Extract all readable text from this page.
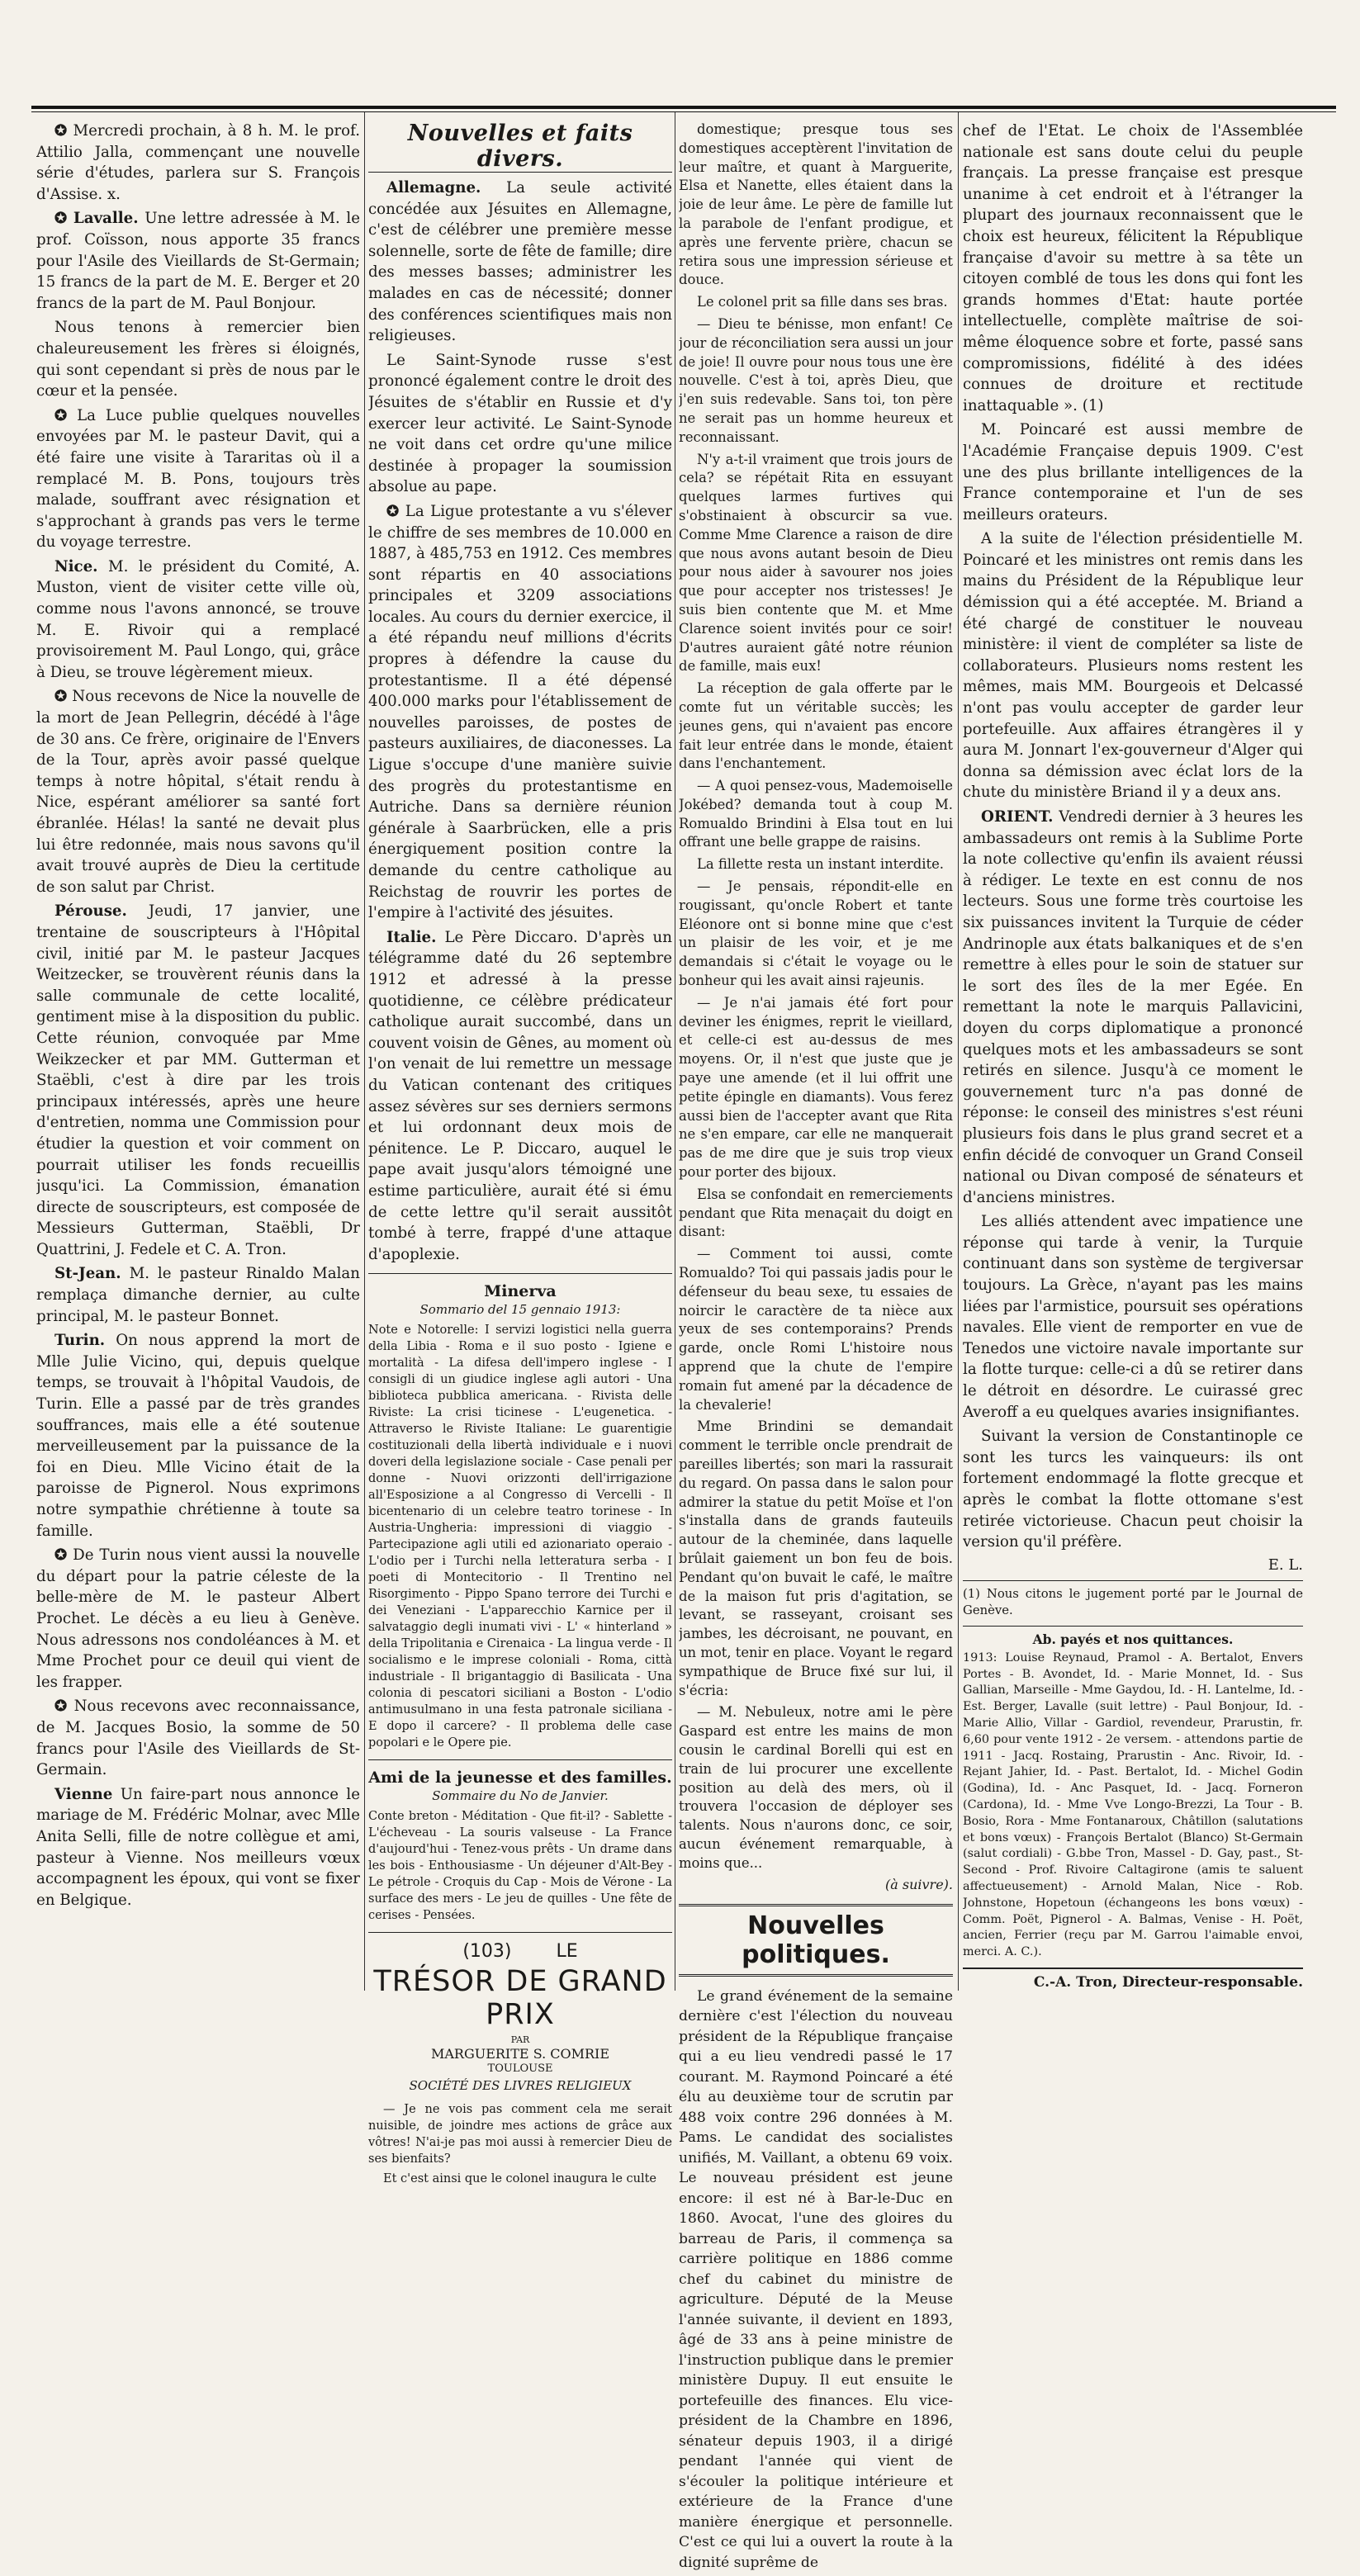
✪ Mercredi prochain, à 8 h. M. le prof. Attilio Jalla, commençant une nouvelle série d'études, parlera sur S. François d'Assise. x.

✪ Lavalle. Une lettre adressée à M. le prof. Coïsson, nous apporte 35 francs pour l'Asile des Vieillards de St-Germain; 15 francs de la part de M. E. Berger et 20 francs de la part de M. Paul Bonjour.

Nous tenons à remercier bien chaleureusement les frères si éloignés, qui sont cependant si près de nous par le cœur et la pensée.

✪ La Luce publie quelques nouvelles envoyées par M. le pasteur Davit, qui a été faire une visite à Tararitas où il a remplacé M. B. Pons, toujours très malade, souffrant avec résignation et s'approchant à grands pas vers le terme du voyage terrestre.

Nice. M. le président du Comité, A. Muston, vient de visiter cette ville où, comme nous l'avons annoncé, se trouve M. E. Rivoir qui a remplacé provisoirement M. Paul Longo, qui, grâce à Dieu, se trouve légèrement mieux.

✪ Nous recevons de Nice la nouvelle de la mort de Jean Pellegrin, décédé à l'âge de 30 ans. Ce frère, originaire de l'Envers de la Tour, après avoir passé quelque temps à notre hôpital, s'était rendu à Nice, espérant améliorer sa santé fort ébranlée. Hélas! la santé ne devait plus lui être redonnée, mais nous savons qu'il avait trouvé auprès de Dieu la certitude de son salut par Christ.

Pérouse. Jeudi, 17 janvier, une trentaine de souscripteurs à l'Hôpital civil, initié par M. le pasteur Jacques Weitzecker, se trouvèrent réunis dans la salle communale de cette localité, gentiment mise à la disposition du public. Cette réunion, convoquée par Mme Weikzecker et par MM. Gutterman et Staëbli, c'est à dire par les trois principaux intéressés, après une heure d'entretien, nomma une Commission pour étudier la question et voir comment on pourrait utiliser les fonds recueillis jusqu'ici. La Commission, émanation directe de souscripteurs, est composée de Messieurs Gutterman, Staëbli, Dr Quattrini, J. Fedele et C. A. Tron.

St-Jean. M. le pasteur Rinaldo Malan remplaça dimanche dernier, au culte principal, M. le pasteur Bonnet.

Turin. On nous apprend la mort de Mlle Julie Vicino, qui, depuis quelque temps, se trouvait à l'hôpital Vaudois, de Turin. Elle a passé par de très grandes souffrances, mais elle a été soutenue merveilleusement par la puissance de la foi en Dieu. Mlle Vicino était de la paroisse de Pignerol. Nous exprimons notre sympathie chrétienne à toute sa famille.

✪ De Turin nous vient aussi la nouvelle du départ pour la patrie céleste de la belle-mère de M. le pasteur Albert Prochet. Le décès a eu lieu à Genève. Nous adressons nos condoléances à M. et Mme Prochet pour ce deuil qui vient de les frapper.

✪ Nous recevons avec reconnaissance, de M. Jacques Bosio, la somme de 50 francs pour l'Asile des Vieillards de St-Germain.

Vienne Un faire-part nous annonce le mariage de M. Frédéric Molnar, avec Mlle Anita Selli, fille de notre collègue et ami, pasteur à Vienne. Nos meilleurs vœux accompagnent les époux, qui vont se fixer en Belgique.

Nouvelles et faits divers.

Allemagne. La seule activité concédée aux Jésuites en Allemagne, c'est de célébrer une première messe solennelle, sorte de fête de famille; dire des messes basses; administrer les malades en cas de nécessité; donner des conférences scientifiques mais non religieuses.

Le Saint-Synode russe s'est prononcé également contre le droit des Jésuites de s'établir en Russie et d'y exercer leur activité. Le Saint-Synode ne voit dans cet ordre qu'une milice destinée à propager la soumission absolue au pape.

✪ La Ligue protestante a vu s'élever le chiffre de ses membres de 10.000 en 1887, à 485,753 en 1912. Ces membres sont répartis en 40 associations principales et 3209 associations locales. Au cours du dernier exercice, il a été répandu neuf millions d'écrits propres à défendre la cause du protestantisme. Il a été dépensé 400.000 marks pour l'établissement de nouvelles paroisses, de postes de pasteurs auxiliaires, de diaconesses. La Ligue s'occupe d'une manière suivie des progrès du protestantisme en Autriche. Dans sa dernière réunion générale à Saarbrücken, elle a pris énergiquement position contre la demande du centre catholique au Reichstag de rouvrir les portes de l'empire à l'activité des jésuites.

Italie. Le Père Diccaro. D'après un télégramme daté du 26 septembre 1912 et adressé à la presse quotidienne, ce célèbre prédicateur catholique aurait succombé, dans un couvent voisin de Gênes, au moment où l'on venait de lui remettre un message du Vatican contenant des critiques assez sévères sur ses derniers sermons et lui ordonnant deux mois de pénitence. Le P. Diccaro, auquel le pape avait jusqu'alors témoigné une estime particulière, aurait été si ému de cette lettre qu'il serait aussitôt tombé à terre, frappé d'une attaque d'apoplexie.

Minerva
Sommario del 15 gennaio 1913:

Note e Notorelle: I servizi logistici nella guerra della Libia - Roma e il suo posto - Igiene e mortalità - La difesa dell'impero inglese - I consigli di un giudice inglese agli autori - Una biblioteca pubblica americana. - Rivista delle Riviste: La crisi ticinese - L'eugenetica. - Attraverso le Riviste Italiane: Le guarentigie costituzionali della libertà individuale e i nuovi doveri della legislazione sociale - Case penali per donne - Nuovi orizzonti dell'irrigazione all'Esposizione a al Congresso di Vercelli - Il bicentenario di un celebre teatro torinese - In Austria-Ungheria: impressioni di viaggio - Partecipazione agli utili ed azionariato operaio - L'odio per i Turchi nella letteratura serba - I poeti di Montecitorio - Il Trentino nel Risorgimento - Pippo Spano terrore dei Turchi e dei Veneziani - L'apparecchio Karnice per il salvataggio degli inumati vivi - L' « hinterland » della Tripolitania e Cirenaica - La lingua verde - Il socialismo e le imprese coloniali - Roma, città industriale - Il brigantaggio di Basilicata - Una colonia di pescatori siciliani a Boston - L'odio antimusulmano in una festa patronale siciliana - E dopo il carcere? - Il problema delle case popolari e le Opere pie.

Ami de la jeunesse et des familles.
Sommaire du No de Janvier.

Conte breton - Méditation - Que fit-il? - Sablette - L'écheveau - La souris valseuse - La France d'aujourd'hui - Tenez-vous prêts - Un drame dans les bois - Enthousiasme - Un déjeuner d'Alt-Bey - Le pétrole - Croquis du Cap - Mois de Vérone - La surface des mers - Le jeu de quilles - Une fête de cerises - Pensées.

(103) LE
TRÉSOR DE GRAND PRIX
PAR
MARGUERITE S. COMRIE
TOULOUSE
SOCIÉTÉ DES LIVRES RELIGIEUX

— Je ne vois pas comment cela me serait nuisible, de joindre mes actions de grâce aux vôtres! N'ai-je pas moi aussi à remercier Dieu de ses bienfaits?

Et c'est ainsi que le colonel inaugura le culte

domestique; presque tous ses domestiques acceptèrent l'invitation de leur maître, et quant à Marguerite, Elsa et Nanette, elles étaient dans la joie de leur âme. Le père de famille lut la parabole de l'enfant prodigue, et après une fervente prière, chacun se retira sous une impression sérieuse et douce.

Le colonel prit sa fille dans ses bras.

— Dieu te bénisse, mon enfant! Ce jour de réconciliation sera aussi un jour de joie! Il ouvre pour nous tous une ère nouvelle. C'est à toi, après Dieu, que j'en suis redevable. Sans toi, ton père ne serait pas un homme heureux et reconnaissant.

N'y a-t-il vraiment que trois jours de cela? se répétait Rita en essuyant quelques larmes furtives qui s'obstinaient à obscurcir sa vue. Comme Mme Clarence a raison de dire que nous avons autant besoin de Dieu pour nous aider à savourer nos joies que pour accepter nos tristesses! Je suis bien contente que M. et Mme Clarence soient invités pour ce soir! D'autres auraient gâté notre réunion de famille, mais eux!

La réception de gala offerte par le comte fut un véritable succès; les jeunes gens, qui n'avaient pas encore fait leur entrée dans le monde, étaient dans l'enchantement.

— A quoi pensez-vous, Mademoiselle Jokébed? demanda tout à coup M. Romualdo Brindini à Elsa tout en lui offrant une belle grappe de raisins.

La fillette resta un instant interdite.

— Je pensais, répondit-elle en rougissant, qu'oncle Robert et tante Eléonore ont si bonne mine que c'est un plaisir de les voir, et je me demandais si c'était le voyage ou le bonheur qui les avait ainsi rajeunis.

— Je n'ai jamais été fort pour deviner les énigmes, reprit le vieillard, et celle-ci est au-dessus de mes moyens. Or, il n'est que juste que je paye une amende (et il lui offrit une petite épingle en diamants). Vous ferez aussi bien de l'accepter avant que Rita ne s'en empare, car elle ne manquerait pas de me dire que je suis trop vieux pour porter des bijoux.

Elsa se confondait en remerciements pendant que Rita menaçait du doigt en disant:

— Comment toi aussi, comte Romualdo? Toi qui passais jadis pour le défenseur du beau sexe, tu essaies de noircir le caractère de ta nièce aux yeux de ses contemporains? Prends garde, oncle Romi L'histoire nous apprend que la chute de l'empire romain fut amené par la décadence de la chevalerie!

Mme Brindini se demandait comment le terrible oncle prendrait de pareilles libertés; son mari la rassurait du regard. On passa dans le salon pour admirer la statue du petit Moïse et l'on s'installa dans de grands fauteuils autour de la cheminée, dans laquelle brûlait gaiement un bon feu de bois. Pendant qu'on buvait le café, le maître de la maison fut pris d'agitation, se levant, se rasseyant, croisant ses jambes, les décroisant, ne pouvant, en un mot, tenir en place. Voyant le regard sympathique de Bruce fixé sur lui, il s'écria:

— M. Nebuleux, notre ami le père Gaspard est entre les mains de mon cousin le cardinal Borelli qui est en train de lui procurer une excellente position au delà des mers, où il trouvera l'occasion de déployer ses talents. Nous n'aurons donc, ce soir, aucun événement remarquable, à moins que...

(à suivre).
Nouvelles politiques.

Le grand événement de la semaine dernière c'est l'élection du nouveau président de la République française qui a eu lieu vendredi passé le 17 courant. M. Raymond Poincaré a été élu au deuxième tour de scrutin par 488 voix contre 296 données à M. Pams. Le candidat des socialistes unifiés, M. Vaillant, a obtenu 69 voix. Le nouveau président est jeune encore: il est né à Bar-le-Duc en 1860. Avocat, l'une des gloires du barreau de Paris, il commença sa carrière politique en 1886 comme chef du cabinet du ministre de agriculture. Député de la Meuse l'année suivante, il devient en 1893, âgé de 33 ans à peine ministre de l'instruction publique dans le premier ministère Dupuy. Il eut ensuite le portefeuille des finances. Elu vice-président de la Chambre en 1896, sénateur depuis 1903, il a dirigé pendant l'année qui vient de s'écouler la politique intérieure et extérieure de la France d'une manière énergique et personnelle. C'est ce qui lui a ouvert la route à la dignité suprême de

chef de l'Etat. Le choix de l'Assemblée nationale est sans doute celui du peuple français. La presse française est presque unanime à cet endroit et à l'étranger la plupart des journaux reconnaissent que le choix est heureux, félicitent la République française d'avoir su mettre à sa tête un citoyen comblé de tous les dons qui font les grands hommes d'Etat: haute portée intellectuelle, complète maîtrise de soi-même éloquence sobre et forte, passé sans compromissions, fidélité à des idées connues de droiture et rectitude inattaquable ». (1)

M. Poincaré est aussi membre de l'Académie Française depuis 1909. C'est une des plus brillante intelligences de la France contemporaine et l'un de ses meilleurs orateurs.

A la suite de l'élection présidentielle M. Poincaré et les ministres ont remis dans les mains du Président de la République leur démission qui a été acceptée. M. Briand a été chargé de constituer le nouveau ministère: il vient de compléter sa liste de collaborateurs. Plusieurs noms restent les mêmes, mais MM. Bourgeois et Delcassé n'ont pas voulu accepter de garder leur portefeuille. Aux affaires étrangères il y aura M. Jonnart l'ex-gouverneur d'Alger qui donna sa démission avec éclat lors de la chute du ministère Briand il y a deux ans.

ORIENT. Vendredi dernier à 3 heures les ambassadeurs ont remis à la Sublime Porte la note collective qu'enfin ils avaient réussi à rédiger. Le texte en est connu de nos lecteurs. Sous une forme très courtoise les six puissances invitent la Turquie de céder Andrinople aux états balkaniques et de s'en remettre à elles pour le soin de statuer sur le sort des îles de la mer Egée. En remettant la note le marquis Pallavicini, doyen du corps diplomatique a prononcé quelques mots et les ambassadeurs se sont retirés en silence. Jusqu'à ce moment le gouvernement turc n'a pas donné de réponse: le conseil des ministres s'est réuni plusieurs fois dans le plus grand secret et a enfin décidé de convoquer un Grand Conseil national ou Divan composé de sénateurs et d'anciens ministres.

Les alliés attendent avec impatience une réponse qui tarde à venir, la Turquie continuant dans son système de tergiversar toujours. La Grèce, n'ayant pas les mains liées par l'armistice, poursuit ses opérations navales. Elle vient de remporter en vue de Tenedos une victoire navale importante sur la flotte turque: celle-ci a dû se retirer dans le détroit en désordre. Le cuirassé grec Averoff a eu quelques avaries insignifiantes.

Suivant la version de Constantinople ce sont les turcs les vainqueurs: ils ont fortement endommagé la flotte grecque et après le combat la flotte ottomane s'est retirée victorieuse. Chacun peut choisir la version qu'il préfère.

E. L.

(1) Nous citons le jugement porté par le Journal de Genève.

Ab. payés et nos quittances.

1913: Louise Reynaud, Pramol - A. Bertalot, Envers Portes - B. Avondet, Id. - Marie Monnet, Id. - Sus Gallian, Marseille - Mme Gaydou, Id. - H. Lantelme, Id. - Est. Berger, Lavalle (suit lettre) - Paul Bonjour, Id. - Marie Allio, Villar - Gardiol, revendeur, Prarustin, fr. 6,60 pour vente 1912 - 2e versem. - attendons partie de 1911 - Jacq. Rostaing, Prarustin - Anc. Rivoir, Id. - Rejant Jahier, Id. - Past. Bertalot, Id. - Michel Godin (Godina), Id. - Anc Pasquet, Id. - Jacq. Forneron (Cardona), Id. - Mme Vve Longo-Brezzi, La Tour - B. Bosio, Rora - Mme Fontanaroux, Châtillon (salutations et bons vœux) - François Bertalot (Blanco) St-Germain (salut cordiali) - G.bbe Tron, Massel - D. Gay, past., St-Second - Prof. Rivoire Caltagirone (amis te saluent affectueusement) - Arnold Malan, Nice - Rob. Johnstone, Hopetoun (échangeons les bons vœux) - Comm. Poët, Pignerol - A. Balmas, Venise - H. Poët, ancien, Ferrier (reçu par M. Garrou l'aimable envoi, merci. A. C.).

C.-A. Tron, Directeur-responsable.
